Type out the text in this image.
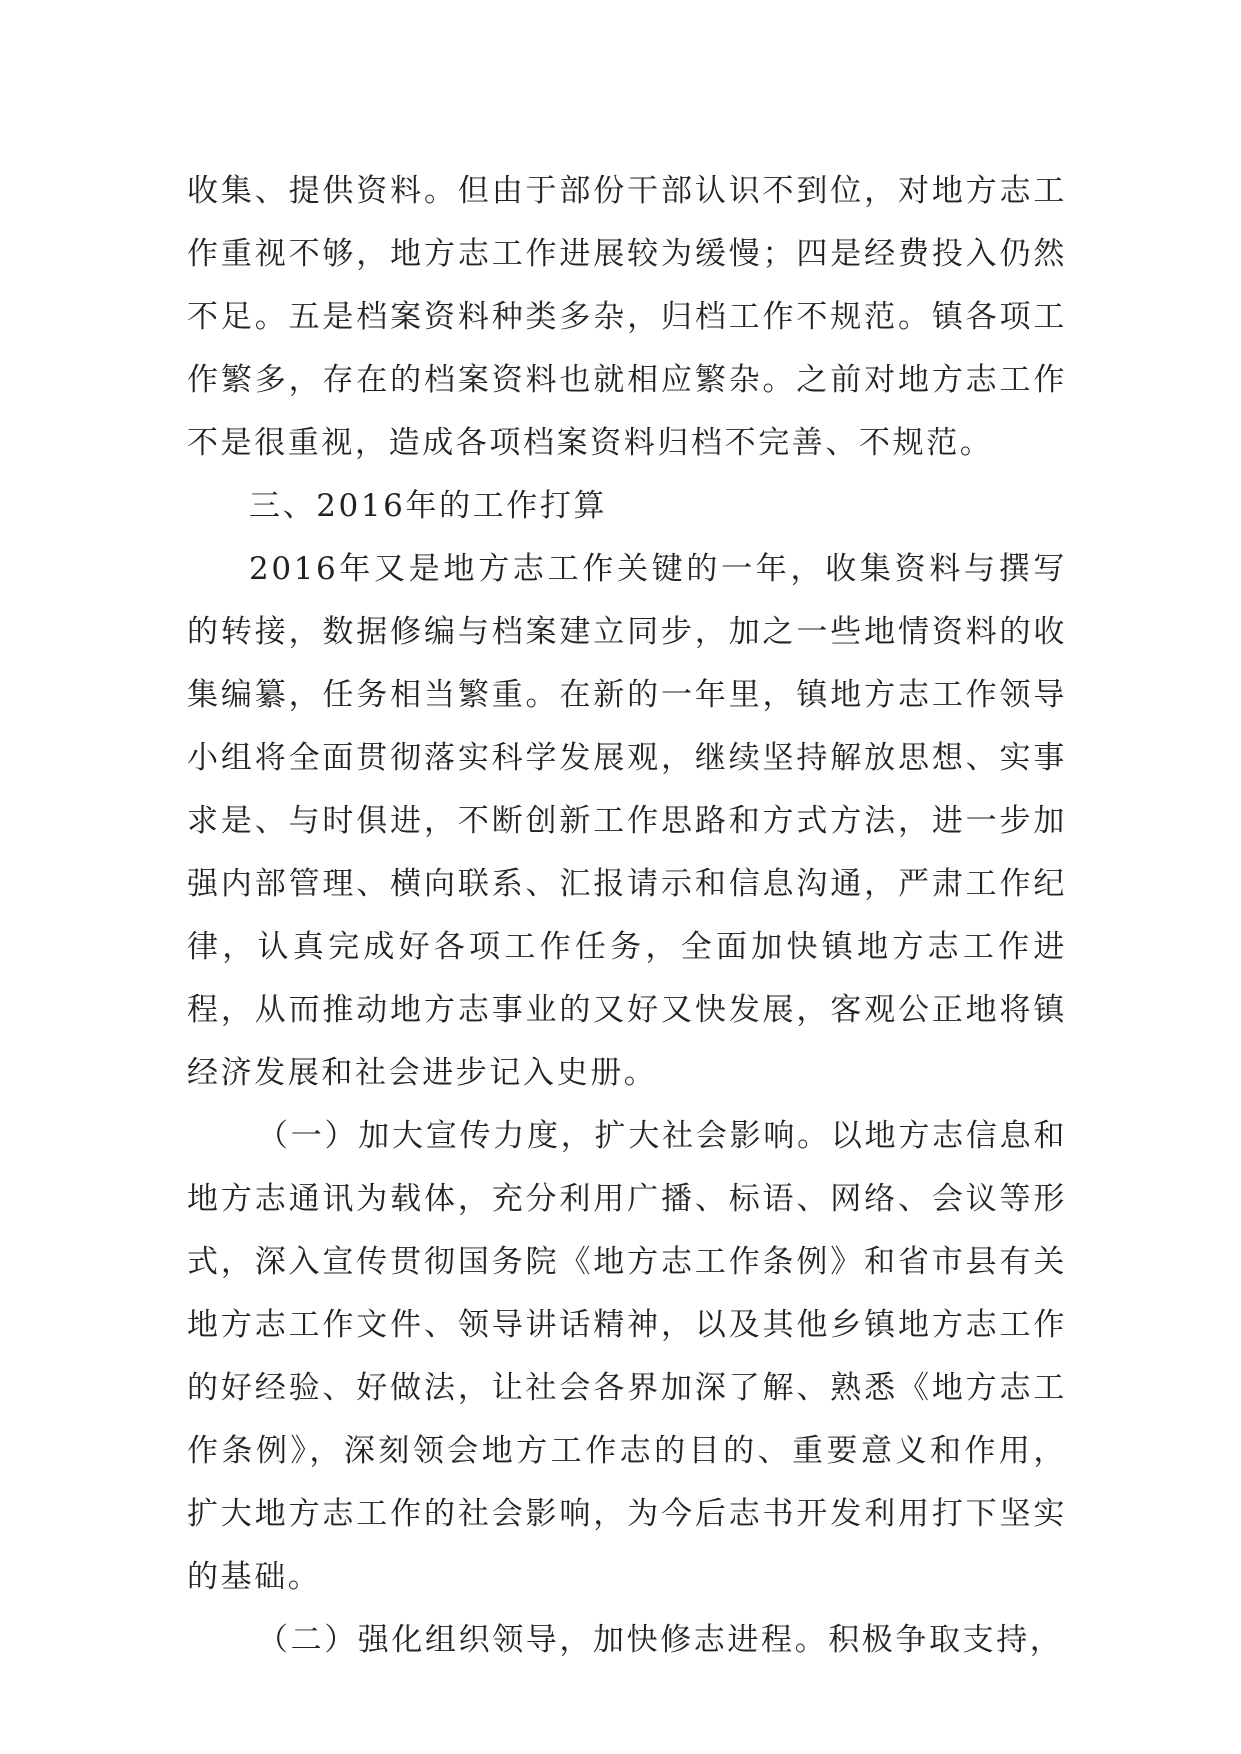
收集、提供资料。但由于部份干部认识不到位，对地方志工作重视不够，地方志工作进展较为缓慢；四是经费投入仍然不足。五是档案资料种类多杂，归档工作不规范。镇各项工作繁多，存在的档案资料也就相应繁杂。之前对地方志工作不是很重视，造成各项档案资料归档不完善、不规范。

三、2016年的工作打算

2016年又是地方志工作关键的一年，收集资料与撰写的转接，数据修编与档案建立同步，加之一些地情资料的收集编纂，任务相当繁重。在新的一年里，镇地方志工作领导小组将全面贯彻落实科学发展观，继续坚持解放思想、实事求是、与时俱进，不断创新工作思路和方式方法，进一步加强内部管理、横向联系、汇报请示和信息沟通，严肃工作纪律，认真完成好各项工作任务，全面加快镇地方志工作进程，从而推动地方志事业的又好又快发展，客观公正地将镇经济发展和社会进步记入史册。

（一）加大宣传力度，扩大社会影响。以地方志信息和地方志通讯为载体，充分利用广播、标语、网络、会议等形式，深入宣传贯彻国务院《地方志工作条例》和省市县有关地方志工作文件、领导讲话精神，以及其他乡镇地方志工作的好经验、好做法，让社会各界加深了解、熟悉《地方志工作条例》，深刻领会地方工作志的目的、重要意义和作用，扩大地方志工作的社会影响，为今后志书开发利用打下坚实的基础。

（二）强化组织领导，加快修志进程。积极争取支持，
